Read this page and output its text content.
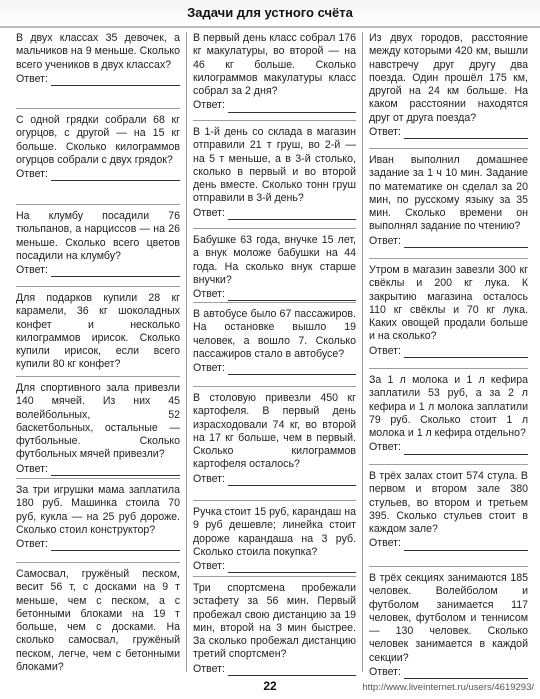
Задачи для устного счёта
В двух классах 35 девочек, а мальчиков на 9 меньше. Сколько всего учеников в двух классах?
Ответ:
С одной грядки собрали 68 кг огурцов, с другой — на 15 кг больше. Сколько килограммов огурцов собрали с двух грядок?
Ответ:
На клумбу посадили 76 тюльпанов, а нарциссов — на 26 меньше. Сколько всего цветов посадили на клумбу?
Ответ:
Для подарков купили 28 кг карамели, 36 кг шоколадных конфет и несколько килограммов ирисок. Сколько купили ирисок, если всего купили 80 кг конфет?
Для спортивного зала привезли 140 мячей. Из них 45 волейбольных, 52 баскетбольных, остальные — футбольные. Сколько футбольных мячей привезли?
Ответ:
За три игрушки мама заплатила 180 руб. Машинка стоила 70 руб, кукла — на 25 руб дороже. Сколько стоил конструктор?
Ответ:
Самосвал, гружёный песком, весит 56 т, с досками на 9 т меньше, чем с песком, а с бетонными блоками на 19 т больше, чем с досками. На сколько самосвал, гружёный песком, легче, чем с бетонными блоками?
В первый день класс собрал 176 кг макулатуры, во второй — на 46 кг больше. Сколько килограммов макулатуры класс собрал за 2 дня?
Ответ:
В 1-й день со склада в магазин отправили 21 т груш, во 2-й — на 5 т меньше, а в 3-й столько, сколько в первый и во второй день вместе. Сколько тонн груш отправили в 3-й день?
Ответ:
Бабушке 63 года, внучке 15 лет, а внук моложе бабушки на 44 года. На сколько внук старше внучки?
Ответ:
В автобусе было 67 пассажиров. На остановке вышло 19 человек, а вошло 7. Сколько пассажиров стало в автобусе?
Ответ:
В столовую привезли 450 кг картофеля. В первый день израсходовали 74 кг, во второй на 17 кг больше, чем в первый. Сколько килограммов картофеля осталось?
Ответ:
Ручка стоит 15 руб, карандаш на 9 руб дешевле; линейка стоит дороже карандаша на 3 руб. Сколько стоила покупка?
Ответ:
Три спортсмена пробежали эстафету за 56 мин. Первый пробежал свою дистанцию за 19 мин, второй на 3 мин быстрее. За сколько пробежал дистанцию третий спортсмен?
Ответ:
Из двух городов, расстояние между которыми 420 км, вышли навстречу друг другу два поезда. Один прошёл 175 км, другой на 24 км больше. На каком расстоянии находятся друг от друга поезда?
Ответ:
Иван выполнил домашнее задание за 1 ч 10 мин. Задание по математике он сделал за 20 мин, по русскому языку за 35 мин. Сколько времени он выполнял задание по чтению?
Ответ:
Утром в магазин завезли 300 кг свёклы и 200 кг лука. К закрытию магазина осталось 110 кг свёклы и 70 кг лука. Каких овощей продали больше и на сколько?
Ответ:
За 1 л молока и 1 л кефира заплатили 53 руб, а за 2 л кефира и 1 л молока заплатили 79 руб. Сколько стоит 1 л молока и 1 л кефира отдельно?
Ответ:
В трёх залах стоит 574 стула. В первом и втором зале 380 стульев, во втором и третьем 395. Сколько стульев стоит в каждом зале?
Ответ:
В трёх секциях занимаются 185 человек. Волейболом и футболом занимается 117 человек, футболом и теннисом — 130 человек. Сколько человек занимается в каждой секции?
Ответ:
22	http://www.liveinternet.ru/users/4619293/
